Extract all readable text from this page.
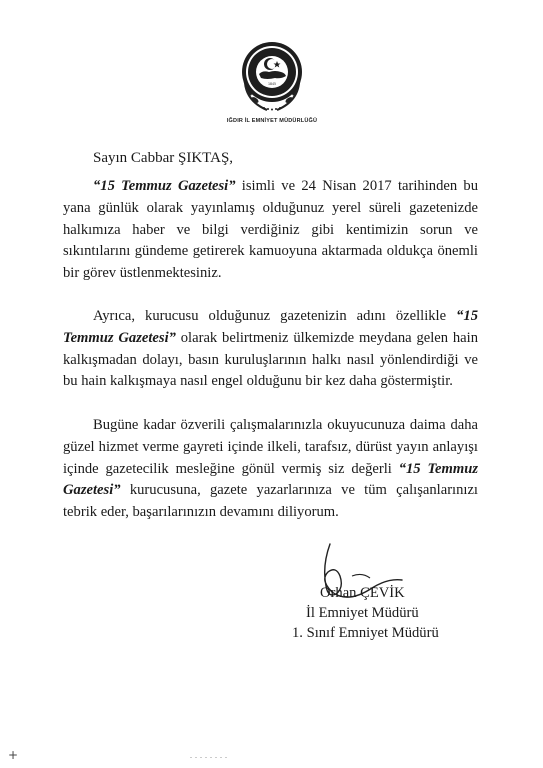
1845
IĞDIR İL EMNİYET MÜDÜRLÜĞÜ
Sayın Cabbar ŞIKTAŞ,

“15 Temmuz Gazetesi” isimli ve 24 Nisan 2017 tarihinden bu yana günlük olarak yayınlamış olduğunuz yerel süreli gazetenizde halkımıza haber ve bilgi verdiğiniz gibi kentimizin sorun ve sıkıntılarını gündeme getirerek kamuoyuna aktarmada oldukça önemli bir görev üstlenmektesiniz.

Ayrıca, kurucusu olduğunuz gazetenizin adını özellikle “15 Temmuz Gazetesi” olarak belirtmeniz ülkemizde meydana gelen hain kalkışmadan dolayı, basın kuruluşlarının halkı nasıl yönlendirdiği ve bu hain kalkışmaya nasıl engel olduğunu bir kez daha göstermiştir.

Bugüne kadar özverili çalışmalarınızla okuyucunuza daima daha güzel hizmet verme gayreti içinde ilkeli, tarafsız, dürüst yayın anlayışı içinde gazetecilik mesleğine gönül vermiş siz değerli “15 Temmuz Gazetesi” kurucusuna, gazete yazarlarınıza ve tüm çalışanlarınızı tebrik eder, başarılarınızın devamını diliyorum.

Orhan ÇEVİK
İl Emniyet Müdürü
1. Sınıf Emniyet Müdürü
+
